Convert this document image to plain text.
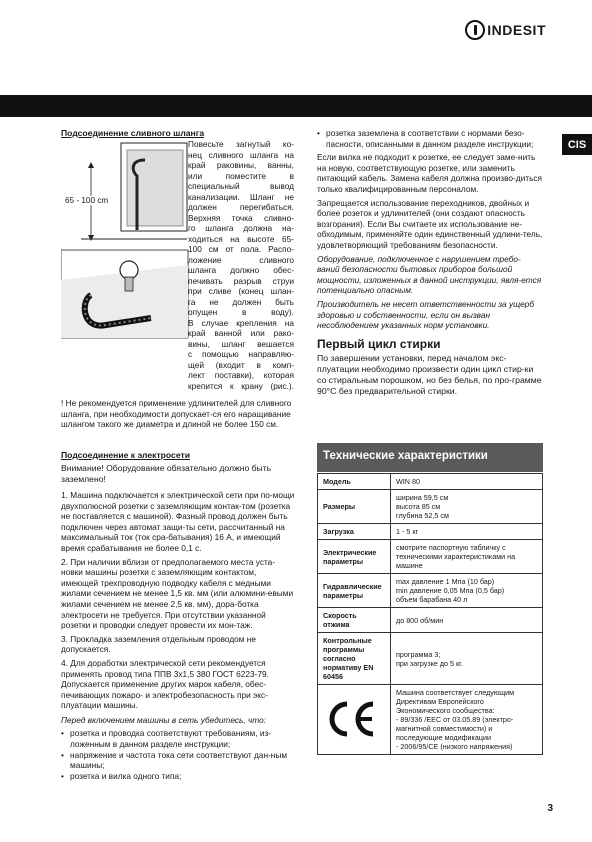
INDESIT
CIS
Подсоединение сливного шланга
65 - 100 cm
Повесьте загнутый ко-
нец сливного шланга на
край раковины, ванны,
или поместите в
специальный вывод
канализации. Шланг не
должен перегибаться.
Верхняя точка сливно-
го шланга должна на-
ходиться на высоте 65-
100 см от пола. Распо-
ложение сливного
шланга должно обес-
печивать разрыв струи
при сливе (конец шлан-
га не должен быть
опущен в воду).
В случае крепления на
край ванной или рако-
вины, шланг вешается
с помощью направляю-
щей (входит в комп-
лект поставки), которая
крепится к крану (рис.).
! Не рекомендуется применение удлинителей для сливного шланга, при необходимости допускает-ся его наращивание шлангом такого же диаметра и длиной не более 150 см.
Подсоединение к электросети
Внимание! Оборудование обязательно должно быть заземлено!

1. Машина подключается к электрической сети при по-мощи двухполюсной розетки с заземляющим контак-том (розетка не поставляется с машиной). Фазный провод должен быть подключен через автомат защи-ты сети, рассчитанный на максимальный ток (ток сра-батывания) 16 А, и имеющий время срабатывания не более 0,1 с.

2. При наличии вблизи от предполагаемого места уста-новки машины розетки с заземляющим контактом, имеющей трехпроводную подводку кабеля с медными жилами сечением не менее 1,5 кв. мм (или алюмини-евыми жилами сечением не менее 2,5 кв. мм), дора-ботка электросети не требуется. При отсутствии указанной розетки и проводки следует провести их мон-таж.

3. Прокладка заземления отдельным проводом не допускается.

4. Для доработки электрической сети рекомендуется применять провод типа ППВ 3х1,5 380 ГОСТ 6223-79. Допускается применение других марок кабеля, обес-печивающих пожаро- и электробезопасность при экс-плуатации машины.

Перед включением машины в сеть убедитесь, что:

• розетка и проводка соответствуют требованиям, из-ложенным в данном разделе инструкции;
• напряжение и частота тока сети соответствуют дан-ным машины;
• розетка и вилка одного типа;
• розетка заземлена в соответствии с нормами безо-пасности, описанными в данном разделе инструкции;

Если вилка не подходит к розетке, ее следует заме-нить на новую, соответствующую розетке, или заменить питающий кабель. Замена кабеля должна произво-диться только квалифицированным персоналом.

Запрещается использование переходников, двойных и более розеток и удлинителей (они создают опасность возгорания). Если Вы считаете их использование не-обходимым, применяйте один единственный удлини-тель, удовлетворяющий требованиям безопасности.

Оборудование, подключенное с нарушением требо-ваний безопасности бытовых приборов большой мощности, изложенных в данной инструкции, явля-ется потенциально опасным.

Производитель не несет ответственности за ущерб здоровью и собственности, если он вызван несоблюдением указанных норм установки.

Первый цикл стирки
По завершении установки, перед началом экс-плуатации необходимо произвести один цикл стир-ки со стиральным порошком, но без белья, по про-грамме 90°С без предварительной стирки.
Технические характеристики
Модель	WIN 80
Размеры	ширина 59,5 см
высота 85 см
глубина 52,5 см
Загрузка	1 - 5 кг
Электрические параметры	смотрите паспортную табличку с техническими характеристиками на машине
Гидравлические параметры	max давление 1 Mпа (10 бар)
min давление 0,05 Mпа (0,5 бар)
объем барабана 40 л
Скорость отжима	до 800 об/мин
Контрольные программы согласно нормативу EN 60456	программа 3;
при загрузке до 5 кг.
	Машина соответствует следующим Директивам Европейского Экономического сообщества:
- 89/336 /EEC от 03.05.89 (электро-магнитной совместимости) и последующие модификации
- 2006/95/CE (низкого напряжения)
3
